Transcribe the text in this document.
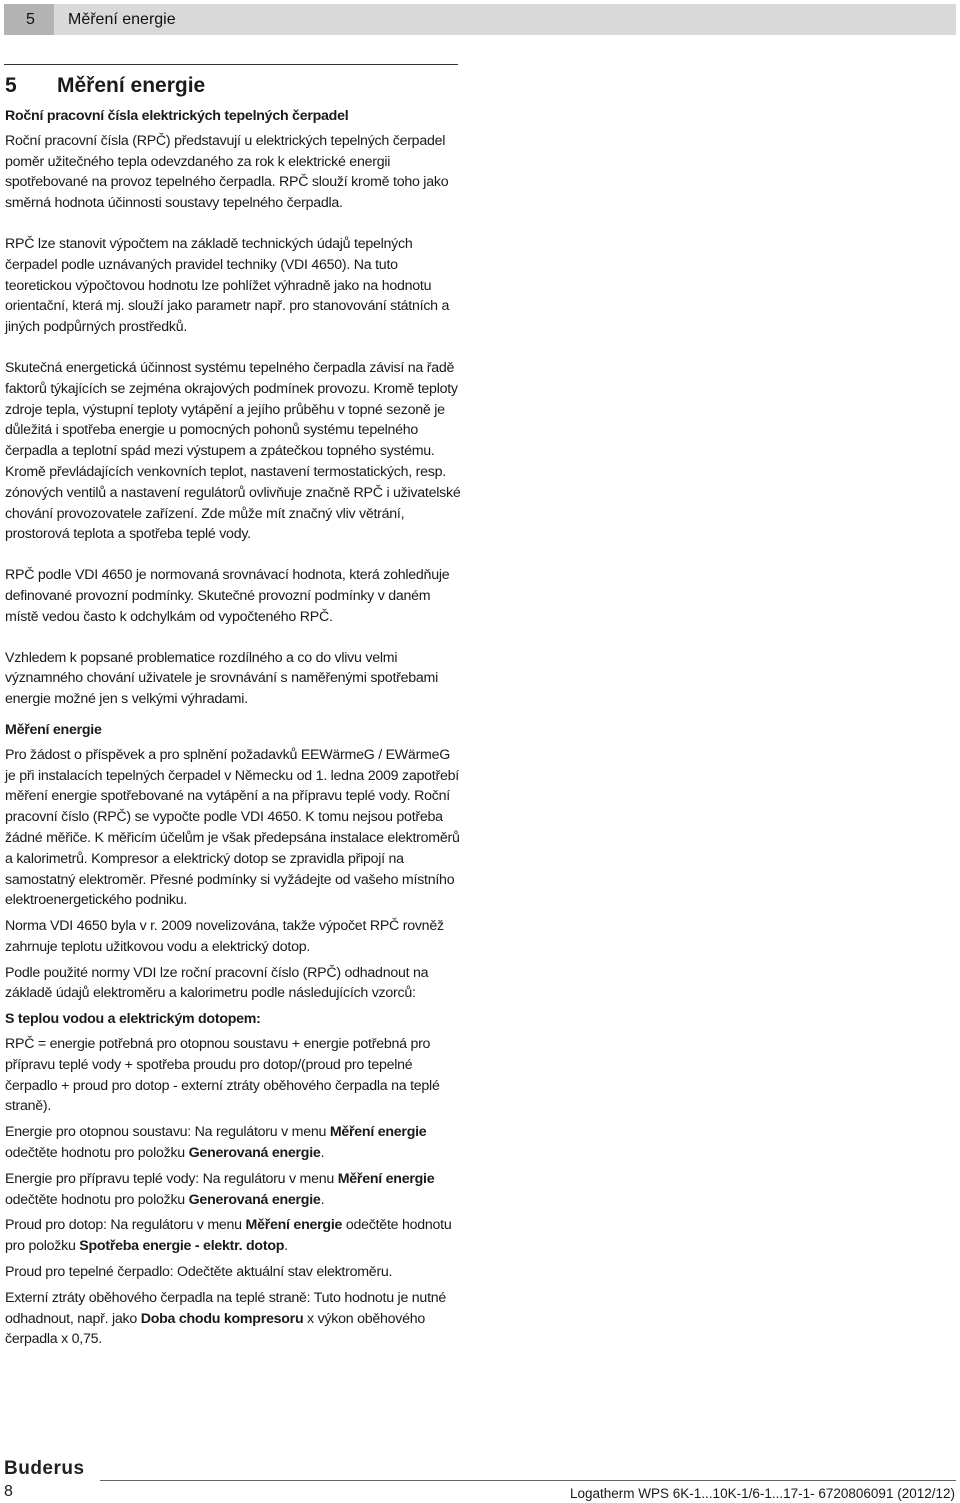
5 Měření energie
5 Měření energie
Roční pracovní čísla elektrických tepelných čerpadel

Roční pracovní čísla (RPČ) představují u elektrických tepelných čerpadel poměr užitečného tepla odevzdaného za rok k elektrické energii spotřebované na provoz tepelného čerpadla. RPČ slouží kromě toho jako směrná hodnota účinnosti soustavy tepelného čerpadla.

RPČ lze stanovit výpočtem na základě technických údajů tepelných čerpadel podle uznávaných pravidel techniky (VDI 4650). Na tuto teoretickou výpočtovou hodnotu lze pohlížet výhradně jako na hodnotu orientační, která mj. slouží jako parametr např. pro stanovování státních a jiných podpůrných prostředků.

Skutečná energetická účinnost systému tepelného čerpadla závisí na řadě faktorů týkajících se zejména okrajových podmínek provozu. Kromě teploty zdroje tepla, výstupní teploty vytápění a jejího průběhu v topné sezoně je důležitá i spotřeba energie u pomocných pohonů systému tepelného čerpadla a teplotní spád mezi výstupem a zpátečkou topného systému. Kromě převládajících venkovních teplot, nastavení termostatických, resp. zónových ventilů a nastavení regulátorů ovlivňuje značně RPČ i uživatelské chování provozovatele zařízení. Zde může mít značný vliv větrání, prostorová teplota a spotřeba teplé vody.

RPČ podle VDI 4650 je normovaná srovnávací hodnota, která zohledňuje definované provozní podmínky. Skutečné provozní podmínky v daném místě vedou často k odchylkám od vypočteného RPČ.

Vzhledem k popsané problematice rozdílného a co do vlivu velmi významného chování uživatele je srovnávání s naměřenými spotřebami energie možné jen s velkými výhradami.

Měření energie

Pro žádost o příspěvek a pro splnění požadavků EEWärmeG / EWärmeG je při instalacích tepelných čerpadel v Německu od 1. ledna 2009 zapotřebí měření energie spotřebované na vytápění a na přípravu teplé vody. Roční pracovní číslo (RPČ) se vypočte podle VDI 4650. K tomu nejsou potřeba žádné měřiče. K měřicím účelům je však předepsána instalace elektroměrů a kalorimetrů. Kompresor a elektrický dotop se zpravidla připojí na samostatný elektroměr. Přesné podmínky si vyžádejte od vašeho místního elektroenergetického podniku.

Norma VDI 4650 byla v r. 2009 novelizována, takže výpočet RPČ rovněž zahrnuje teplotu užitkovou vodu a elektrický dotop.

Podle použité normy VDI lze roční pracovní číslo (RPČ) odhadnout na základě údajů elektroměru a kalorimetru podle následujících vzorců:

S teplou vodou a elektrickým dotopem:

RPČ = energie potřebná pro otopnou soustavu + energie potřebná pro přípravu teplé vody + spotřeba proudu pro dotop/(proud pro tepelné čerpadlo + proud pro dotop - externí ztráty oběhového čerpadla na teplé straně).

Energie pro otopnou soustavu: Na regulátoru v menu Měření energie odečtěte hodnotu pro položku Generovaná energie.

Energie pro přípravu teplé vody: Na regulátoru v menu Měření energie odečtěte hodnotu pro položku Generovaná energie.

Proud pro dotop: Na regulátoru v menu Měření energie odečtěte hodnotu pro položku Spotřeba energie - elektr. dotop.

Proud pro tepelné čerpadlo: Odečtěte aktuální stav elektroměru.

Externí ztráty oběhového čerpadla na teplé straně: Tuto hodnotu je nutné odhadnout, např. jako Doba chodu kompresoru x výkon oběhového čerpadla x 0,75.

Buderus
8	Logatherm WPS 6K-1...10K-1/6-1...17-1- 6720806091 (2012/12)
